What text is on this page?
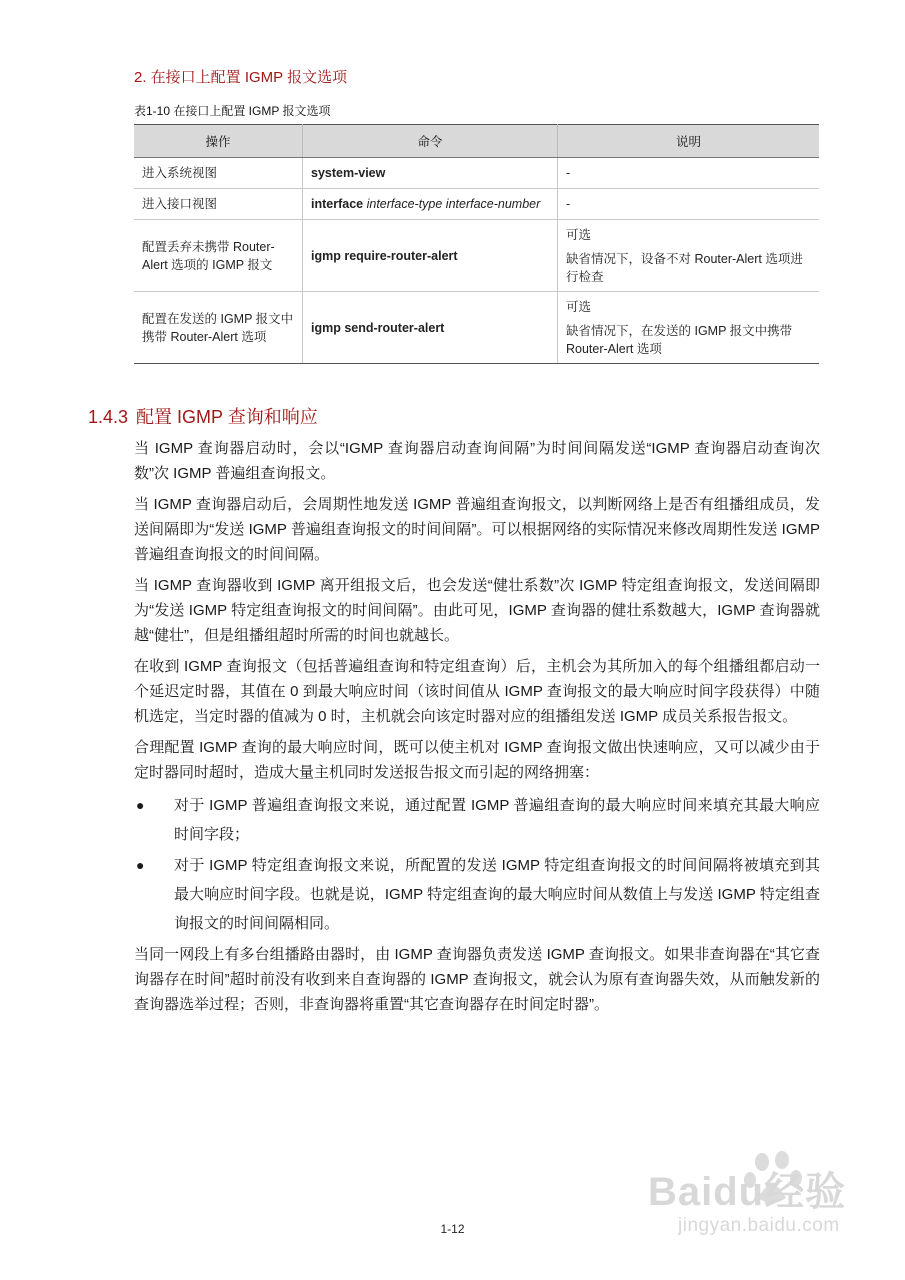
2. 在接口上配置 IGMP 报文选项
表1-10 在接口上配置 IGMP 报文选项
操作	命令	说明
进入系统视图	system-view	-
进入接口视图	interface interface-type interface-number	-
配置丢弃未携带 Router-Alert 选项的 IGMP 报文	igmp require-router-alert	可选
缺省情况下，设备不对 Router-Alert 选项进行检查

配置在发送的 IGMP 报文中携带 Router-Alert 选项	igmp send-router-alert	可选
缺省情况下，在发送的 IGMP 报文中携带 Router-Alert 选项
1.4.3 配置 IGMP 查询和响应

当 IGMP 查询器启动时，会以“IGMP 查询器启动查询间隔”为时间间隔发送“IGMP 查询器启动查询次数”次 IGMP 普遍组查询报文。

当 IGMP 查询器启动后，会周期性地发送 IGMP 普遍组查询报文，以判断网络上是否有组播组成员，发送间隔即为“发送 IGMP 普遍组查询报文的时间间隔”。可以根据网络的实际情况来修改周期性发送 IGMP 普遍组查询报文的时间间隔。

当 IGMP 查询器收到 IGMP 离开组报文后，也会发送“健壮系数”次 IGMP 特定组查询报文，发送间隔即为“发送 IGMP 特定组查询报文的时间间隔”。由此可见，IGMP 查询器的健壮系数越大，IGMP 查询器就越“健壮”，但是组播组超时所需的时间也就越长。

在收到 IGMP 查询报文（包括普遍组查询和特定组查询）后，主机会为其所加入的每个组播组都启动一个延迟定时器，其值在 0 到最大响应时间（该时间值从 IGMP 查询报文的最大响应时间字段获得）中随机选定，当定时器的值减为 0 时，主机就会向该定时器对应的组播组发送 IGMP 成员关系报告报文。

合理配置 IGMP 查询的最大响应时间，既可以使主机对 IGMP 查询报文做出快速响应，又可以减少由于定时器同时超时，造成大量主机同时发送报告报文而引起的网络拥塞：

● 对于 IGMP 普遍组查询报文来说，通过配置 IGMP 普遍组查询的最大响应时间来填充其最大响应时间字段；
● 对于 IGMP 特定组查询报文来说，所配置的发送 IGMP 特定组查询报文的时间间隔将被填充到其最大响应时间字段。也就是说，IGMP 特定组查询的最大响应时间从数值上与发送 IGMP 特定组查询报文的时间间隔相同。

当同一网段上有多台组播路由器时，由 IGMP 查询器负责发送 IGMP 查询报文。如果非查询器在“其它查询器存在时间”超时前没有收到来自查询器的 IGMP 查询报文，就会认为原有查询器失效，从而触发新的查询器选举过程；否则，非查询器将重置“其它查询器存在时间定时器”。

1-12
Baidu经验
jingyan.baidu.com
